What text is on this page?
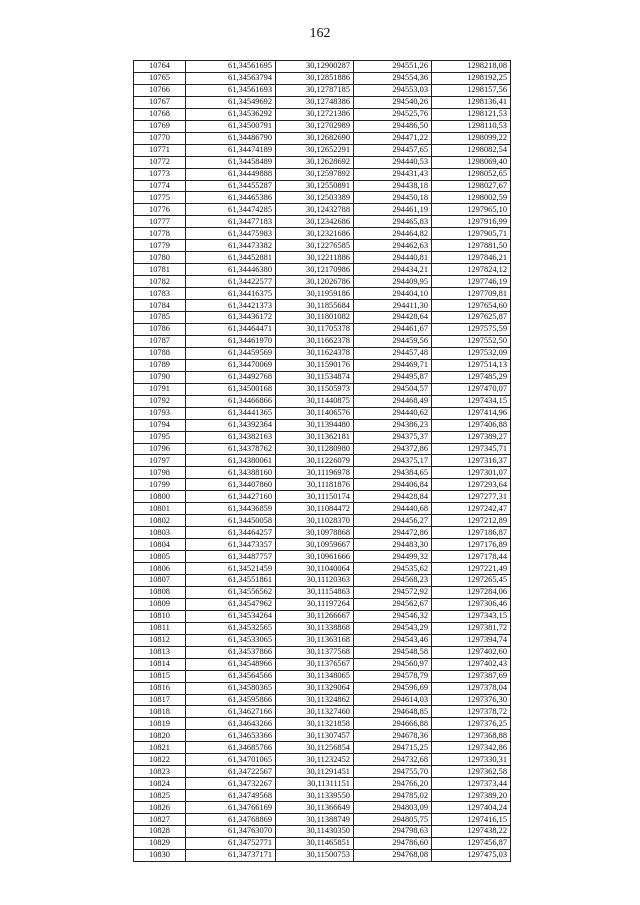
162
10764	61,34561695	30,12900287	294551,26	1298218,08
10765	61,34563794	30,12851886	294554,36	1298192,25
10766	61,34561693	30,12787185	294553,03	1298157,56
10767	61,34549692	30,12748386	294540,26	1298136,41
10768	61,34536292	30,12721386	294525,76	1298121,53
10769	61,34500791	30,12702989	294486,50	1298110,53
10770	61,34486790	30,12682690	294471,22	1298099,22
10771	61,34474189	30,12652291	294457,65	1298082,54
10772	61,34458489	30,12628692	294440,53	1298069,40
10773	61,34449888	30,12597892	294431,43	1298052,65
10774	61,34455287	30,12550891	294438,18	1298027,67
10775	61,34465386	30,12503389	294450,18	1298002,59
10776	61,34474285	30,12432788	294461,19	1297965,10
10777	61,34477183	30,12342686	294465,83	1297916,99
10778	61,34475983	30,12321686	294464,82	1297905,71
10779	61,34473382	30,12276585	294462,63	1297881,50
10780	61,34452881	30,12211886	294440,81	1297846,21
10781	61,34446380	30,12170986	294434,21	1297824,12
10782	61,34422577	30,12026786	294409,95	1297746,19
10783	61,34416375	30,11959186	294404,10	1297709,81
10784	61,34421373	30,11855684	294411,30	1297654,60
10785	61,34436172	30,11801082	294428,64	1297625,87
10786	61,34464471	30,11705378	294461,67	1297575,59
10787	61,34461970	30,11662378	294459,56	1297552,50
10788	61,34459569	30,11624378	294457,48	1297532,09
10789	61,34470069	30,11590176	294469,71	1297514,13
10790	61,34492768	30,11534874	294495,87	1297485,29
10791	61,34500168	30,11505973	294504,57	1297470,07
10792	61,34466866	30,11440875	294468,49	1297434,15
10793	61,34441365	30,11406576	294440,62	1297414,96
10794	61,34392364	30,11394480	294386,23	1297406,88
10795	61,34382163	30,11362181	294375,37	1297389,27
10796	61,34378762	30,11280980	294372,86	1297345,71
10797	61,34380061	30,11226079	294375,17	1297316,37
10798	61,34388160	30,11196978	294384,65	1297301,07
10799	61,34407860	30,11181876	294406,84	1297293,64
10800	61,34427160	30,11150174	294428,84	1297277,31
10801	61,34436859	30,11084472	294440,68	1297242,47
10802	61,34450058	30,11028370	294456,27	1297212,89
10803	61,34464257	30,10978868	294472,86	1297186,87
10804	61,34473357	30,10959667	294483,30	1297176,89
10805	61,34487757	30,10961666	294499,32	1297178,44
10806	61,34521459	30,11040064	294535,62	1297221,49
10807	61,34551861	30,11120363	294568,23	1297265,45
10808	61,34556562	30,11154863	294572,92	1297284,06
10809	61,34547962	30,11197264	294562,67	1297306,46
10810	61,34534264	30,11266667	294546,32	1297343,15
10811	61,34532565	30,11338868	294543,29	1297381,72
10812	61,34533065	30,11363168	294543,46	1297394,74
10813	61,34537866	30,11377568	294548,58	1297402,60
10814	61,34548966	30,11376567	294560,97	1297402,43
10815	61,34564566	30,11348065	294578,79	1297387,69
10816	61,34580365	30,11329064	294596,69	1297378,04
10817	61,34595866	30,11324862	294614,03	1297376,30
10818	61,34627166	30,11327460	294648,85	1297378,72
10819	61,34643266	30,11321858	294666,88	1297376,25
10820	61,34653366	30,11307457	294678,36	1297368,88
10821	61,34685766	30,11256854	294715,25	1297342,86
10822	61,34701065	30,11232452	294732,68	1297330,31
10823	61,34722567	30,11291451	294755,70	1297362,58
10824	61,34732267	30,11311151	294766,20	1297373,44
10825	61,34749568	30,11339550	294785,02	1297389,20
10826	61,34766169	30,11366649	294803,09	1297404,24
10827	61,34768869	30,11388749	294805,75	1297416,15
10828	61,34763070	30,11430350	294798,63	1297438,22
10829	61,34752771	30,11465851	294786,60	1297456,87
10830	61,34737171	30,11500753	294768,08	1297475,03
